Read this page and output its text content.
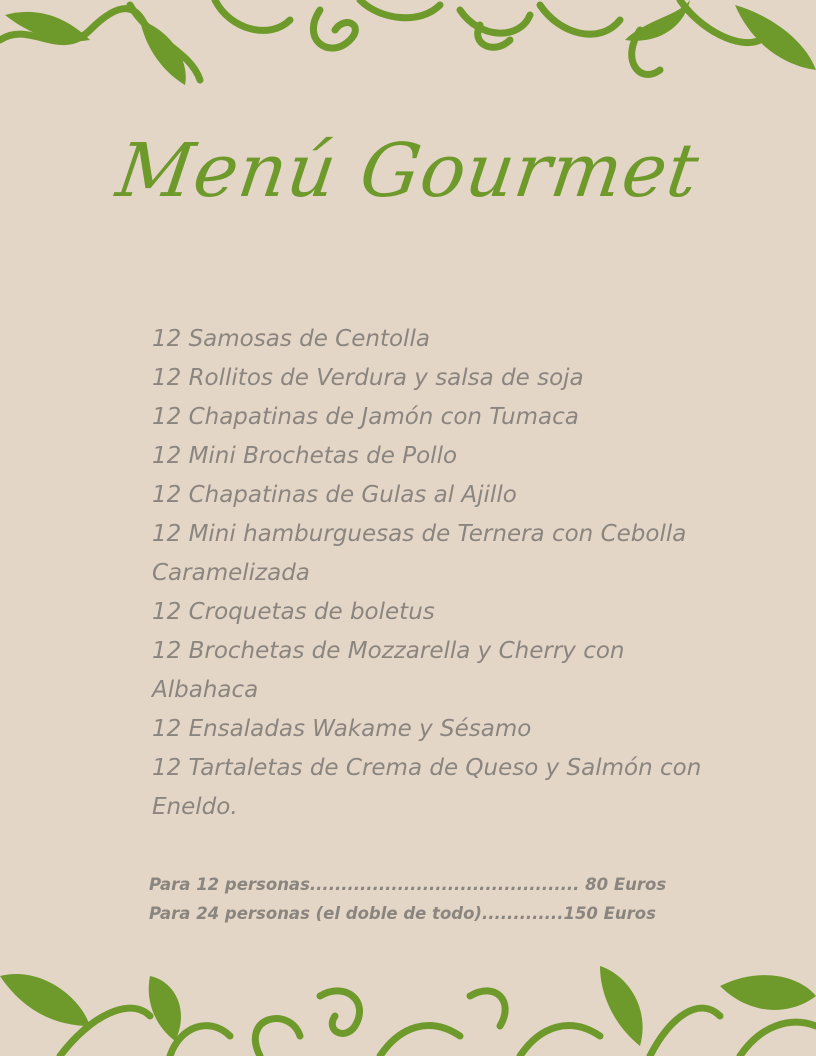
Menú Gourmet
12 Samosas de Centolla
12 Rollitos de Verdura y salsa de soja
12 Chapatinas de Jamón con Tumaca
12 Mini Brochetas de Pollo
12 Chapatinas de Gulas al Ajillo
12 Mini hamburguesas de Ternera con Cebolla Caramelizada
12 Croquetas de boletus
12 Brochetas de Mozzarella y Cherry con Albahaca
12 Ensaladas Wakame y Sésamo
12 Tartaletas de Crema de Queso y Salmón con Eneldo.
Para 12 personas........................................... 80 Euros
Para 24 personas (el doble de todo).............150 Euros
